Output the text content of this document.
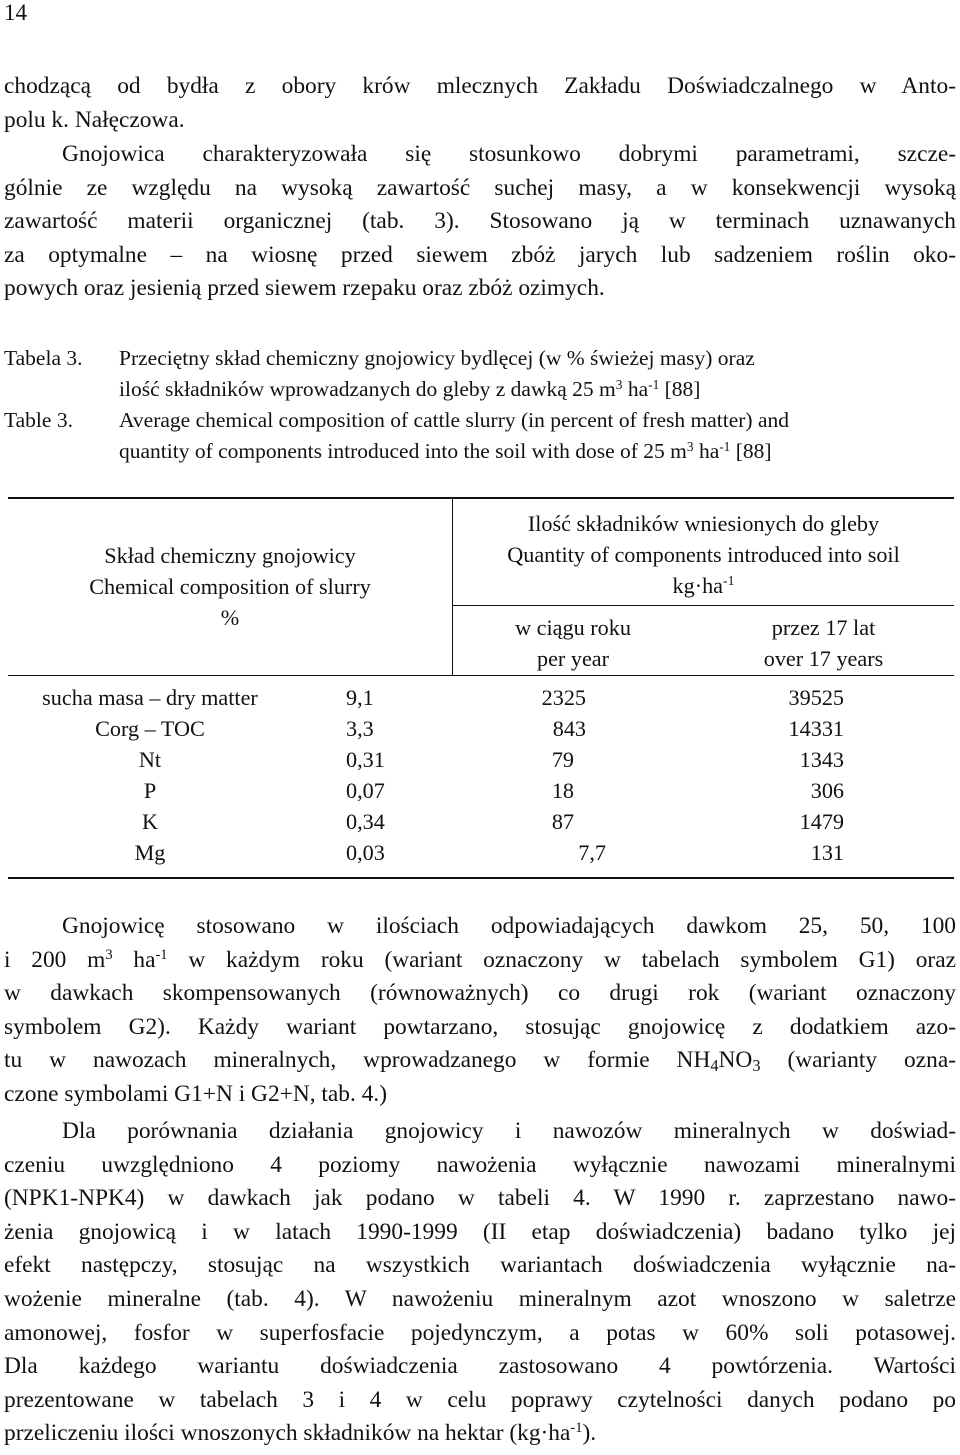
14
chodzącą od bydła z obory krów mlecznych Zakładu Doświadczalnego w Anto-
polu k. Nałęczowa.
Gnojowica charakteryzowała się stosunkowo dobrymi parametrami, szcze-
gólnie ze względu na wysoką zawartość suchej masy, a w konsekwencji wysoką
zawartość materii organicznej (tab. 3). Stosowano ją w terminach uznawanych
za optymalne – na wiosnę przed siewem zbóż jarych lub sadzeniem roślin oko-
powych oraz jesienią przed siewem rzepaku oraz zbóż ozimych.
Tabela 3. Przeciętny skład chemiczny gnojowicy bydlęcej (w % świeżej masy) oraz
ilość składników wprowadzanych do gleby z dawką 25 $m^3$ $ha^{-1}$ [88]
Table 3. Average chemical composition of cattle slurry (in percent of fresh matter) and
quantity of components introduced into the soil with dose of 25 $m^3$ $ha^{-1}$ [88]
Skład chemiczny gnojowicy
Chemical composition of slurry
%
Ilość składników wniesionych do gleby
Quantity of components introduced into soil
$kg\cdot ha^{-1}$
w ciągu roku
per year
przez 17 lat
over 17 years
sucha masa – dry matter
Corg – TOC
Nt
P
K
Mg
9,1
3,3
0,31
0,07
0,34
0,03
2325
843
79
18
87
7,7
39525
14331
1343
306
1479
131
Gnojowicę stosowano w ilościach odpowiadających dawkom 25, 50, 100
i 200 $m^3$ $ha^{-1}$ w każdym roku (wariant oznaczony w tabelach symbolem G1) oraz
w dawkach skompensowanych (równoważnych) co drugi rok (wariant oznaczony
symbolem G2). Każdy wariant powtarzano, stosując gnojowicę z dodatkiem azo-
tu w nawozach mineralnych, wprowadzanego w formie $NH_4NO_3$ (warianty ozna-
czone symbolami G1+N i G2+N, tab. 4.)
Dla porównania działania gnojowicy i nawozów mineralnych w doświad-
czeniu uwzględniono 4 poziomy nawożenia wyłącznie nawozami mineralnymi
(NPK1-NPK4) w dawkach jak podano w tabeli 4. W 1990 r. zaprzestano nawo-
żenia gnojowicą i w latach 1990-1999 (II etap doświadczenia) badano tylko jej
efekt następczy, stosując na wszystkich wariantach doświadczenia wyłącznie na-
wożenie mineralne (tab. 4). W nawożeniu mineralnym azot wnoszono w saletrze
amonowej, fosfor w superfosfacie pojedynczym, a potas w 60% soli potasowej.
Dla każdego wariantu doświadczenia zastosowano 4 powtórzenia. Wartości
prezentowane w tabelach 3 i 4 w celu poprawy czytelności danych podano po
przeliczeniu ilości wnoszonych składników na hektar $(kg\cdot ha^{-1})$.
